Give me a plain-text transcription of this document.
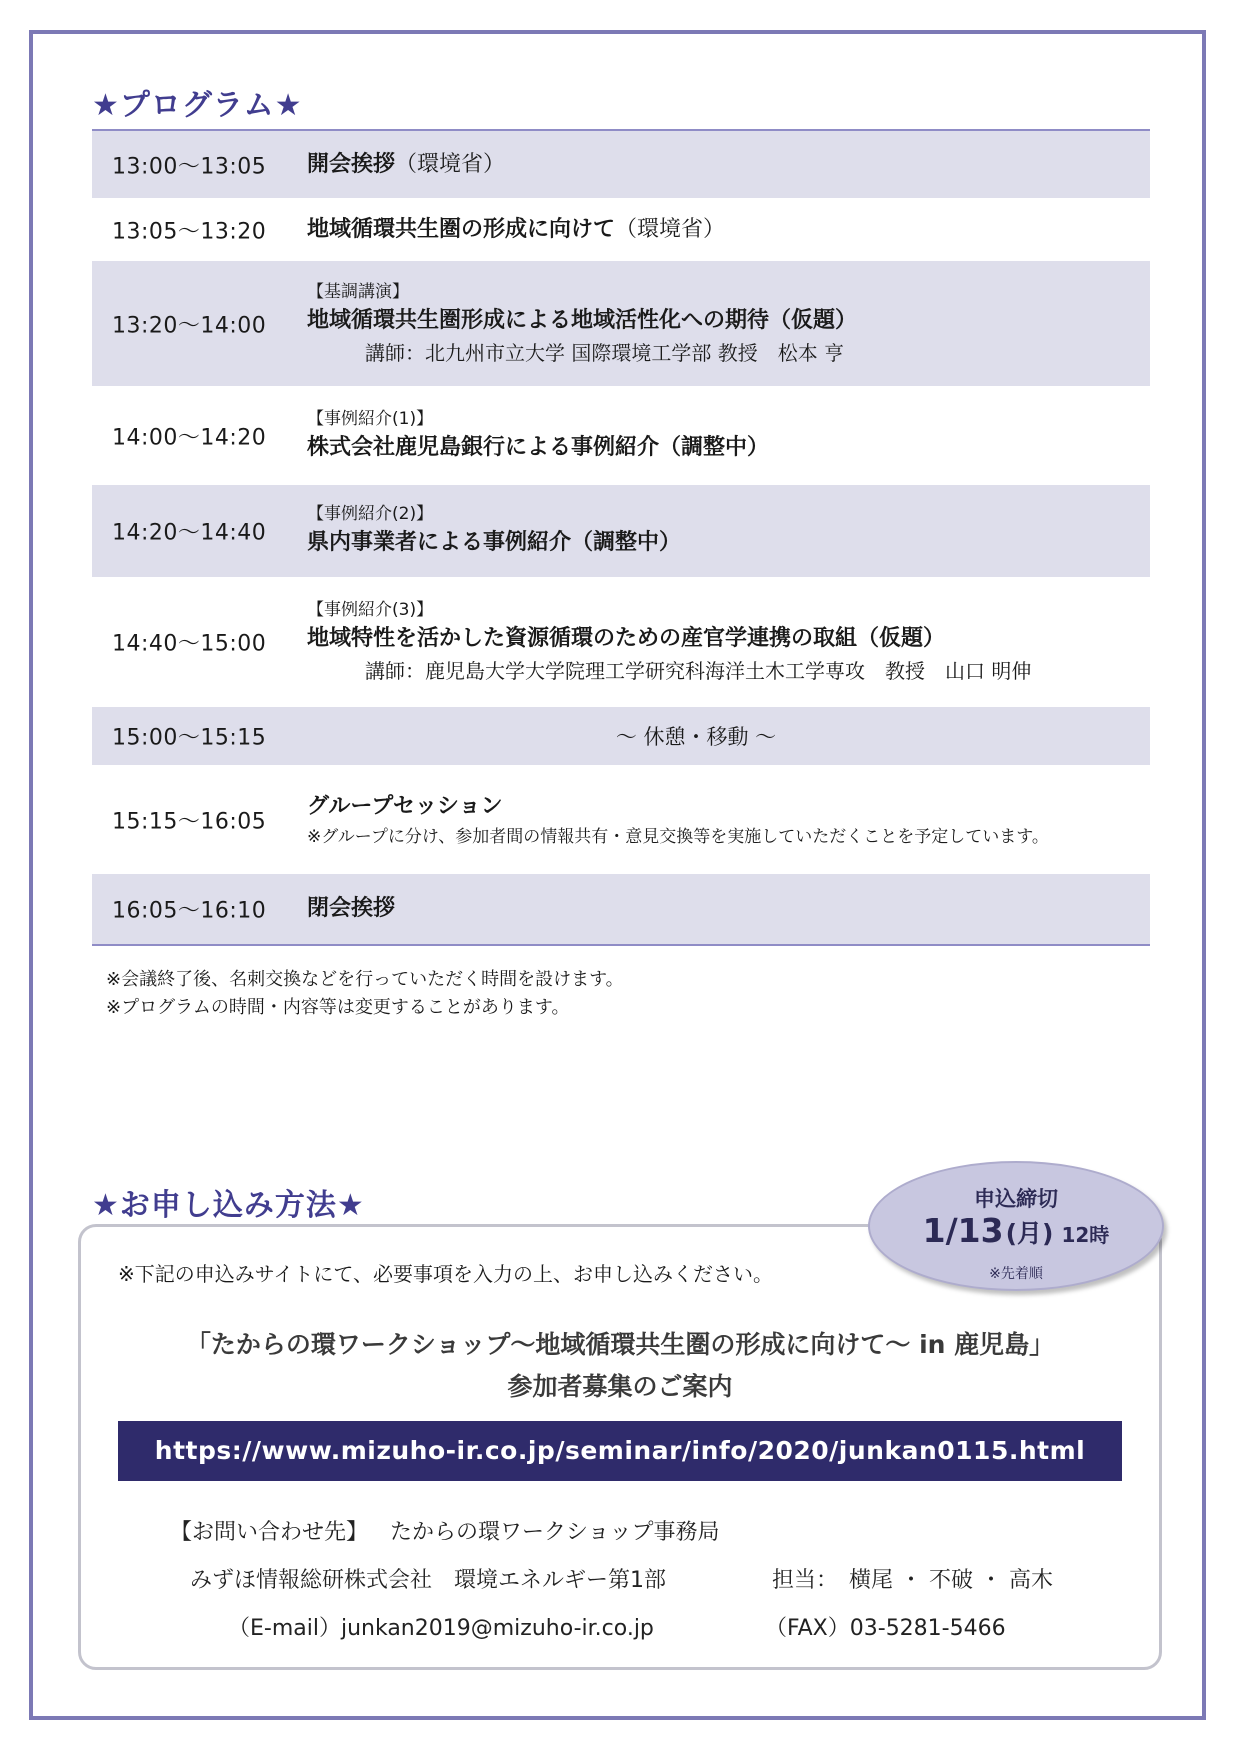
★プログラム★
13:00～13:05 開会挨拶（環境省）
13:05～13:20 地域循環共生圏の形成に向けて（環境省）
13:20～14:00
【基調講演】
地域循環共生圏形成による地域活性化への期待（仮題）
講師：北九州市立大学 国際環境工学部 教授　松本 亨
14:00～14:20
【事例紹介(1)】
株式会社鹿児島銀行による事例紹介（調整中）
14:20～14:40
【事例紹介(2)】
県内事業者による事例紹介（調整中）
14:40～15:00
【事例紹介(3)】
地域特性を活かした資源循環のための産官学連携の取組（仮題）
講師：鹿児島大学大学院理工学研究科海洋土木工学専攻　教授　山口 明伸
15:00～15:15	～ 休憩・移動 ～
15:15～16:05
グループセッション
※グループに分け、参加者間の情報共有・意見交換等を実施していただくことを予定しています。
16:05～16:10 閉会挨拶
※会議終了後、名刺交換などを行っていただく時間を設けます。
※プログラムの時間・内容等は変更することがあります。
★お申し込み方法★
※下記の申込みサイトにて、必要事項を入力の上、お申し込みください。
「たからの環ワークショップ～地域循環共生圏の形成に向けて～ in 鹿児島」
参加者募集のご案内
https://www.mizuho-ir.co.jp/seminar/info/2020/junkan0115.html
【お問い合わせ先】 たからの環ワークショップ事務局
みずほ情報総研株式会社　環境エネルギー第1部	担当：　横尾 ・ 不破 ・ 高木
（E-mail）junkan2019@mizuho-ir.co.jp	（FAX）03-5281-5466
申込締切
1/13(月) 12時
※先着順
